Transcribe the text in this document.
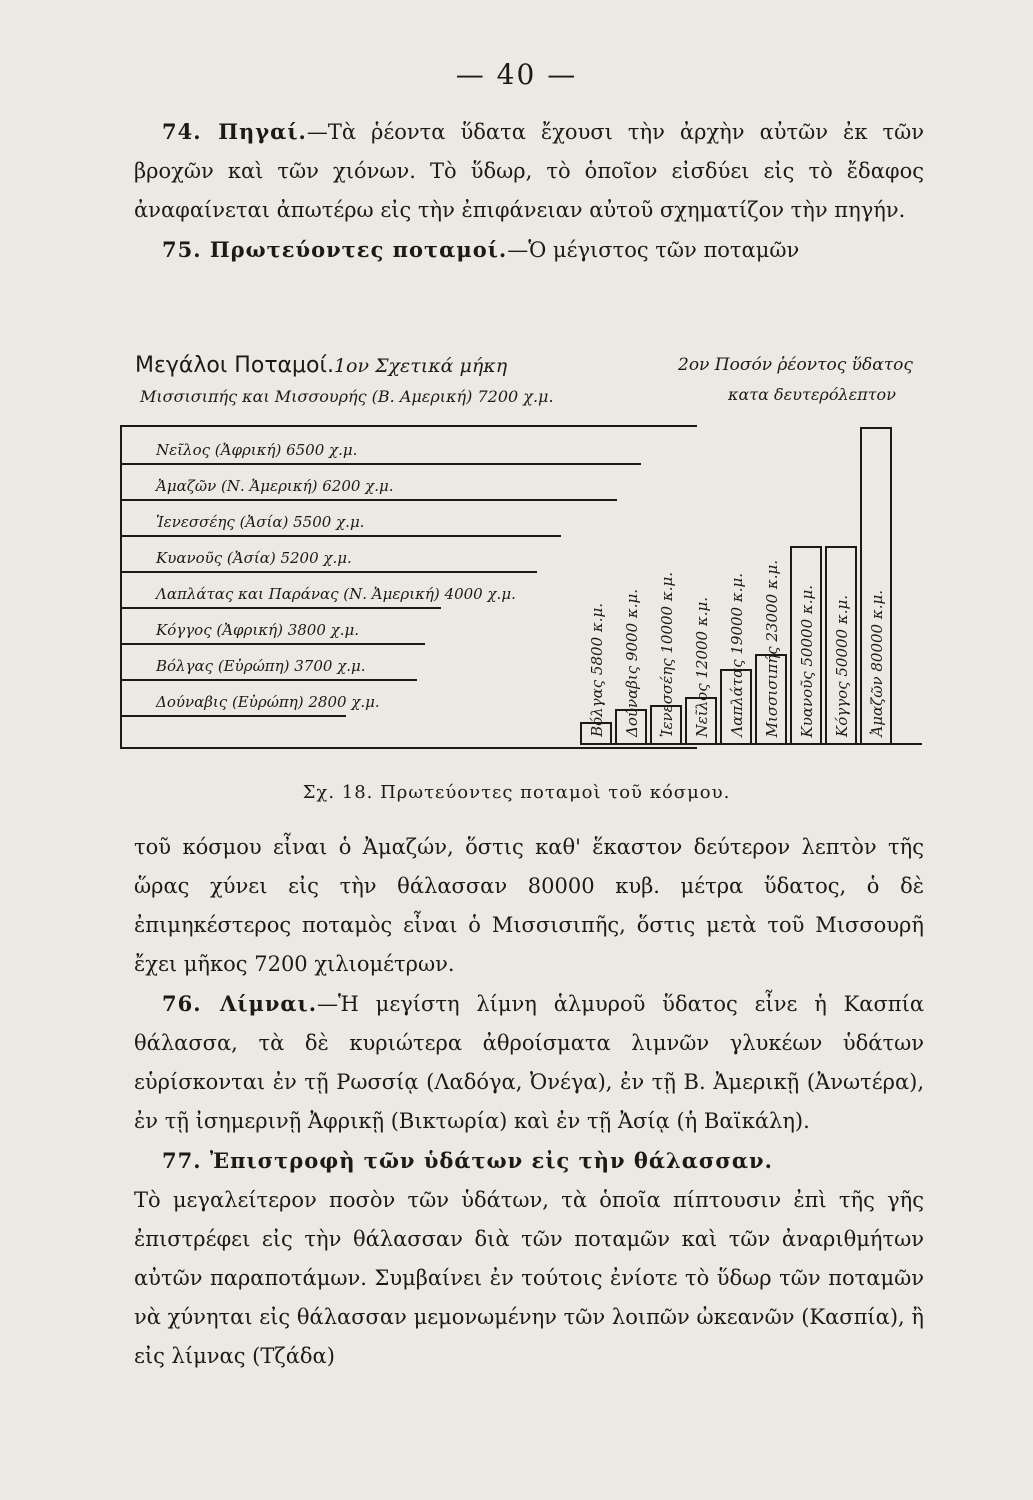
— 40 —

74. Πηγαί.—Τὰ ῥέοντα ὕδατα ἔχουσι τὴν ἀρχὴν αὐτῶν ἐκ τῶν βροχῶν καὶ τῶν χιόνων. Τὸ ὕδωρ, τὸ ὁποῖον εἰσδύει εἰς τὸ ἔδαφος ἀναφαίνεται ἀπωτέρω εἰς τὴν ἐπιφάνειαν αὐτοῦ σχηματίζον τὴν πηγήν.

75. Πρωτεύοντες ποταμοί.—Ὁ μέγιστος τῶν ποταμῶν

Μεγάλοι Ποταμοί.1ον Σχετικά μήκη
Μισσισιπής και Μισσουρής (Β. Αμερική) 7200 χ.μ.
2ον Ποσόν ῥέοντος ὕδατος
κατα δευτερόλεπτον
Νεῖλος (Ἀφρική) 6500 χ.μ.
Ἀμαζῶν (Ν. Ἀμερική) 6200 χ.μ.
Ἱενεσσέης (Ἀσία) 5500 χ.μ.
Κυανοῦς (Ἀσία) 5200 χ.μ.
Λαπλάτας και Παράνας (Ν. Ἀμερική) 4000 χ.μ.
Κόγγος (Ἀφρική) 3800 χ.μ.
Βόλγας (Εὐρώπη) 3700 χ.μ.
Δούναβις (Εὐρώπη) 2800 χ.μ.	Βόλγας 5800 κ.μ. Δούναβις 9000 κ.μ. Ἱενεσσέης 10000 κ.μ. Νεῖλος 12000 κ.μ. Λαπλάτας 19000 κ.μ. Μισσισιπής 23000 κ.μ. Κυανοῦς 50000 κ.μ. Κόγγος 50000 κ.μ. Ἀμαζῶν 80000 κ.μ.
Σχ. 18. Πρωτεύοντες ποταμοὶ τοῦ κόσμου.

τοῦ κόσμου εἶναι ὁ Ἀμαζών, ὅστις καθ' ἕκαστον δεύτερον λεπτὸν τῆς ὥρας χύνει εἰς τὴν θάλασσαν 80000 κυβ. μέτρα ὕδατος, ὁ δὲ ἐπιμηκέστερος ποταμὸς εἶναι ὁ Μισσισιπῆς, ὅστις μετὰ τοῦ Μισσουρῆ ἔχει μῆκος 7200 χιλιομέτρων.

76. Λίμναι.—Ἡ μεγίστη λίμνη ἁλμυροῦ ὕδατος εἶνε ἡ Κασπία θάλασσα, τὰ δὲ κυριώτερα ἀθροίσματα λιμνῶν γλυκέων ὑδάτων εὑρίσκονται ἐν τῇ Ρωσσίᾳ (Λαδόγα, Ὀνέγα), ἐν τῇ Β. Ἀμερικῇ (Ἀνωτέρα), ἐν τῇ ἰσημερινῇ Ἀφρικῇ (Βικτωρία) καὶ ἐν τῇ Ἀσίᾳ (ἡ Βαϊκάλη).

77. Ἐπιστροφὴ τῶν ὑδάτων εἰς τὴν θάλασσαν.

Τὸ μεγαλείτερον ποσὸν τῶν ὑδάτων, τὰ ὁποῖα πίπτουσιν ἐπὶ τῆς γῆς ἐπιστρέφει εἰς τὴν θάλασσαν διὰ τῶν ποταμῶν καὶ τῶν ἀναριθμήτων αὐτῶν παραποτάμων. Συμβαίνει ἐν τούτοις ἐνίοτε τὸ ὕδωρ τῶν ποταμῶν νὰ χύνηται εἰς θάλασσαν μεμονωμένην τῶν λοιπῶν ὠκεανῶν (Κασπία), ἢ εἰς λίμνας (Τζάδα)
